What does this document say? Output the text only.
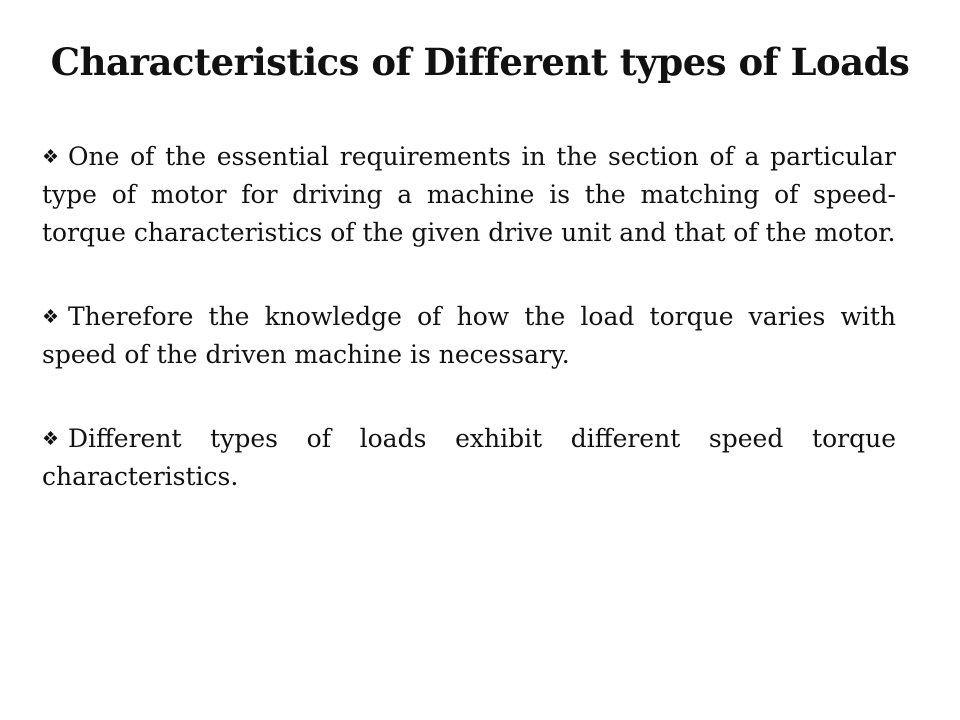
Characteristics of Different types of Loads
❖ One of the essential requirements in the section of a particular type of motor for driving a machine is the matching of speed-torque characteristics of the given drive unit and that of the motor.
❖ Therefore the knowledge of how the load torque varies with speed of the driven machine is necessary.
❖ Different types of loads exhibit different speed torque characteristics.
